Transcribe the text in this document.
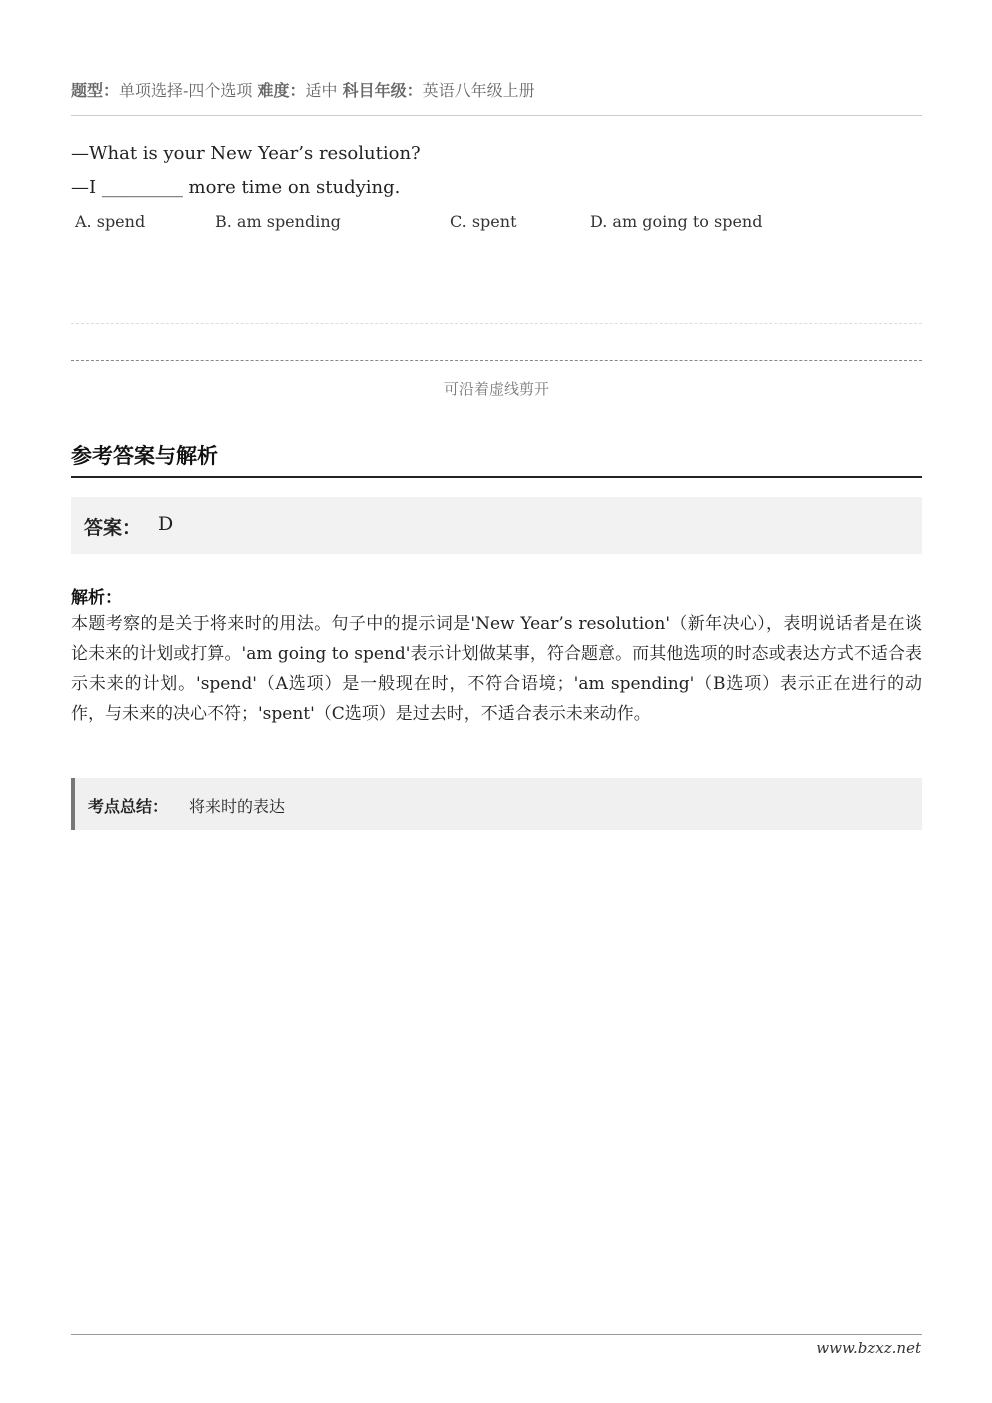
题型：单项选择-四个选项 难度：适中 科目年级：英语八年级上册
—What is your New Year’s resolution?
—I _________ more time on studying.
A. spend	B. am spending	C. spent	D. am going to spend
可沿着虚线剪开
参考答案与解析
答案： D
解析：
本题考察的是关于将来时的用法。句子中的提示词是'New Year’s resolution'（新年决心），表明说话者是在谈论未来的计划或打算。'am going to spend'表示计划做某事，符合题意。而其他选项的时态或表达方式不适合表示未来的计划。'spend'（A选项）是一般现在时，不符合语境；'am spending'（B选项）表示正在进行的动作，与未来的决心不符；'spent'（C选项）是过去时，不适合表示未来动作。
考点总结： 将来时的表达
www.bzxz.net
